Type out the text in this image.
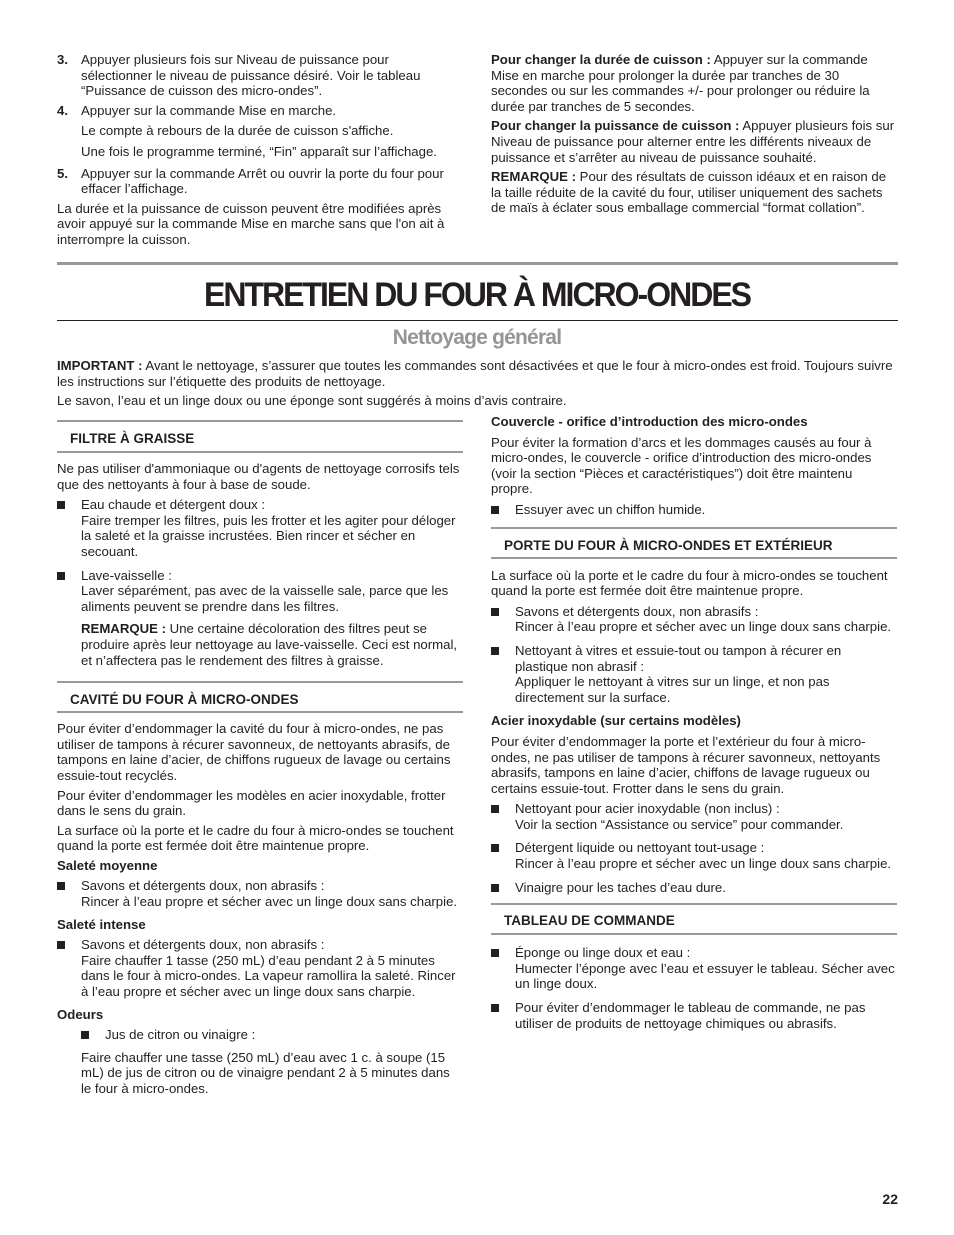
3. Appuyer plusieurs fois sur Niveau de puissance pour sélectionner le niveau de puissance désiré. Voir le tableau “Puissance de cuisson des micro-ondes”.

4. Appuyer sur la commande Mise en marche.

Le compte à rebours de la durée de cuisson s'affiche.

Une fois le programme terminé, “Fin” apparaît sur l’affichage.

5. Appuyer sur la commande Arrêt ou ouvrir la porte du four pour effacer l’affichage.

La durée et la puissance de cuisson peuvent être modifiées après avoir appuyé sur la commande Mise en marche sans que l'on ait à interrompre la cuisson.

Pour changer la durée de cuisson : Appuyer sur la commande Mise en marche pour prolonger la durée par tranches de 30 secondes ou sur les commandes +/- pour prolonger ou réduire la durée par tranches de 5 secondes.

Pour changer la puissance de cuisson : Appuyer plusieurs fois sur Niveau de puissance pour alterner entre les différents niveaux de puissance et s’arrêter au niveau de puissance souhaité.

REMARQUE : Pour des résultats de cuisson idéaux et en raison de la taille réduite de la cavité du four, utiliser uniquement des sachets de maïs à éclater sous emballage commercial “format collation”.

ENTRETIEN DU FOUR À MICRO-ONDES
Nettoyage général

IMPORTANT : Avant le nettoyage, s’assurer que toutes les commandes sont désactivées et que le four à micro-ondes est froid. Toujours suivre les instructions sur l’étiquette des produits de nettoyage.

Le savon, l’eau et un linge doux ou une éponge sont suggérés à moins d’avis contraire.

FILTRE À GRAISSE

Ne pas utiliser d'ammoniaque ou d'agents de nettoyage corrosifs tels que des nettoyants à four à base de soude.

Eau chaude et détergent doux :

Faire tremper les filtres, puis les frotter et les agiter pour déloger la saleté et la graisse incrustées. Bien rincer et sécher en secouant.

Lave-vaisselle :

Laver séparément, pas avec de la vaisselle sale, parce que les aliments peuvent se prendre dans les filtres.

REMARQUE : Une certaine décoloration des filtres peut se produire après leur nettoyage au lave-vaisselle. Ceci est normal, et n’affectera pas le rendement des filtres à graisse.

CAVITÉ DU FOUR À MICRO-ONDES

Pour éviter d’endommager la cavité du four à micro-ondes, ne pas utiliser de tampons à récurer savonneux, de nettoyants abrasifs, de tampons en laine d’acier, de chiffons rugueux de lavage ou certains essuie-tout recyclés.

Pour éviter d’endommager les modèles en acier inoxydable, frotter dans le sens du grain.

La surface où la porte et le cadre du four à micro-ondes se touchent quand la porte est fermée doit être maintenue propre.

Saleté moyenne

Savons et détergents doux, non abrasifs :

Rincer à l’eau propre et sécher avec un linge doux sans charpie.

Saleté intense

Savons et détergents doux, non abrasifs :

Faire chauffer 1 tasse (250 mL) d’eau pendant 2 à 5 minutes dans le four à micro-ondes. La vapeur ramollira la saleté. Rincer à l’eau propre et sécher avec un linge doux sans charpie.

Odeurs

Jus de citron ou vinaigre :

Faire chauffer une tasse (250 mL) d’eau avec 1 c. à soupe (15 mL) de jus de citron ou de vinaigre pendant 2 à 5 minutes dans le four à micro-ondes.

Couvercle - orifice d’introduction des micro-ondes

Pour éviter la formation d’arcs et les dommages causés au four à micro-ondes, le couvercle - orifice d’introduction des micro-ondes (voir la section “Pièces et caractéristiques”) doit être maintenu propre.

Essuyer avec un chiffon humide.

PORTE DU FOUR À MICRO-ONDES ET EXTÉRIEUR

La surface où la porte et le cadre du four à micro-ondes se touchent quand la porte est fermée doit être maintenue propre.

Savons et détergents doux, non abrasifs :

Rincer à l’eau propre et sécher avec un linge doux sans charpie.

Nettoyant à vitres et essuie-tout ou tampon à récurer en plastique non abrasif :

Appliquer le nettoyant à vitres sur un linge, et non pas directement sur la surface.

Acier inoxydable (sur certains modèles)

Pour éviter d’endommager la porte et l’extérieur du four à micro-ondes, ne pas utiliser de tampons à récurer savonneux, nettoyants abrasifs, tampons en laine d’acier, chiffons de lavage rugueux ou certains essuie-tout. Frotter dans le sens du grain.

Nettoyant pour acier inoxydable (non inclus) :

Voir la section “Assistance ou service” pour commander.

Détergent liquide ou nettoyant tout-usage :

Rincer à l’eau propre et sécher avec un linge doux sans charpie.

Vinaigre pour les taches d’eau dure.

TABLEAU DE COMMANDE

Éponge ou linge doux et eau :

Humecter l’éponge avec l’eau et essuyer le tableau. Sécher avec un linge doux.

Pour éviter d’endommager le tableau de commande, ne pas utiliser de produits de nettoyage chimiques ou abrasifs.

22
